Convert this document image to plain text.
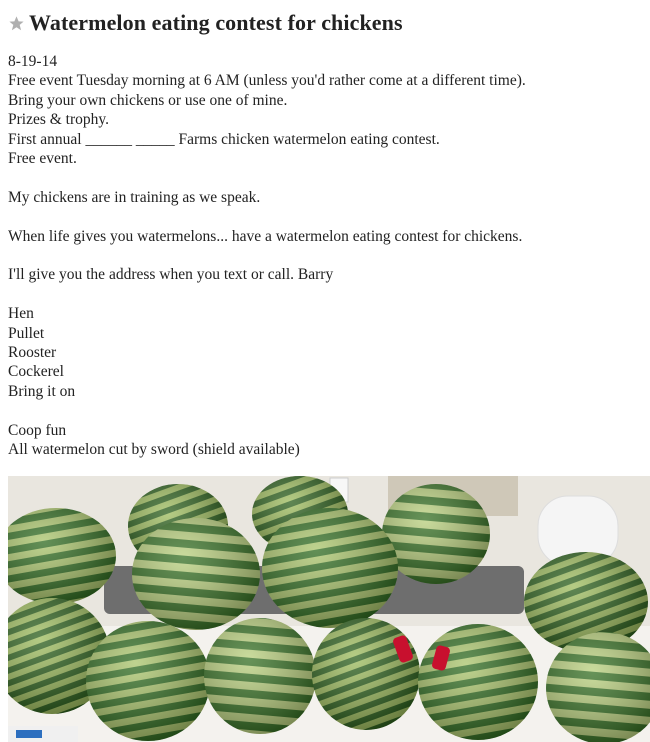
Watermelon eating contest for chickens
8-19-14
Free event Tuesday morning at 6 AM (unless you'd rather come at a different time).
Bring your own chickens or use one of mine.
Prizes & trophy.
First annual ______ _____ Farms chicken watermelon eating contest.
Free event.
My chickens are in training as we speak.
When life gives you watermelons... have a watermelon eating contest for chickens.
I'll give you the address when you text or call. Barry
Hen
Pullet
Rooster
Cockerel
Bring it on
Coop fun
All watermelon cut by sword (shield available)
